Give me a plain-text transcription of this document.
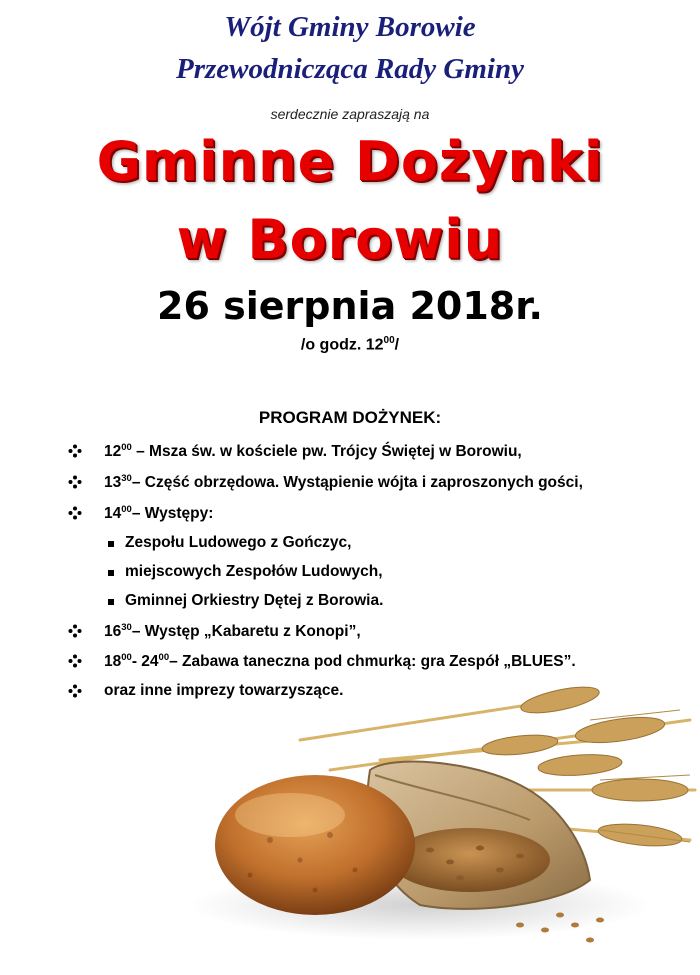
Wójt Gminy Borowie
Przewodnicząca Rady Gminy
serdecznie zapraszają na
Gminne Dożynki
w Borowiu
26 sierpnia 2018r.
/o godz. $12^{00}/$
PROGRAM DOŻYNEK:
$12^{00}$ – Msza św. w kościele pw. Trójcy Świętej w Borowiu,
$13^{30}-$ Część obrzędowa. Wystąpienie wójta i zaproszonych gości,
$14^{00}-$ Występy:
Zespołu Ludowego z Gończyc,
miejscowych Zespołów Ludowych,
Gminnej Orkiestry Dętej z Borowia.
$16^{30}-$ Występ „Kabaretu z Konopi”,
$18^{00}-$ $24^{00}-$ Zabawa taneczna pod chmurką: gra Zespół „BLUES”.
oraz inne imprezy towarzyszące.
